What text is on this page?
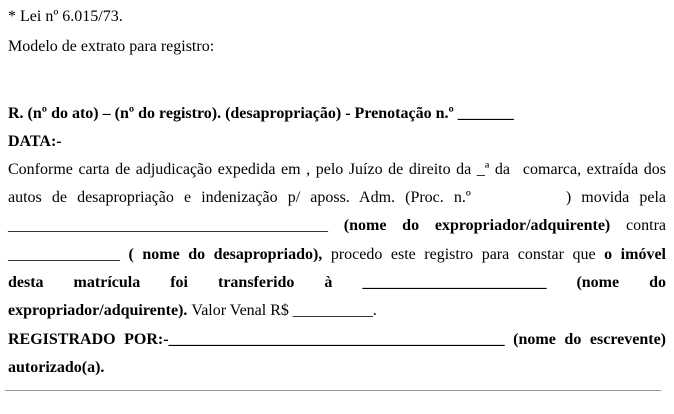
* Lei nº 6.015/73.
Modelo de extrato para registro:
R. (nº do ato) – (nº do registro). (desapropriação) - Prenotação n.º _______
DATA:-
Conforme carta de adjudicação expedida em , pelo Juízo de direito da _ª da comarca, extraída dos
autos de desapropriação e indenização p/ aposs. Adm. (Proc. n.º	) movida pela
________________________________________ (nome do expropriador/adquirente) contra
______________ ( nome do desapropriado), procedo este registro para constar que o imóvel
desta matrícula foi transferido à _______________________ (nome do
expropriador/adquirente). Valor Venal R$ __________.
REGISTRADO POR:-__________________________________________ (nome do escrevente)
autorizado(a).
__________________________________________________________________________________
